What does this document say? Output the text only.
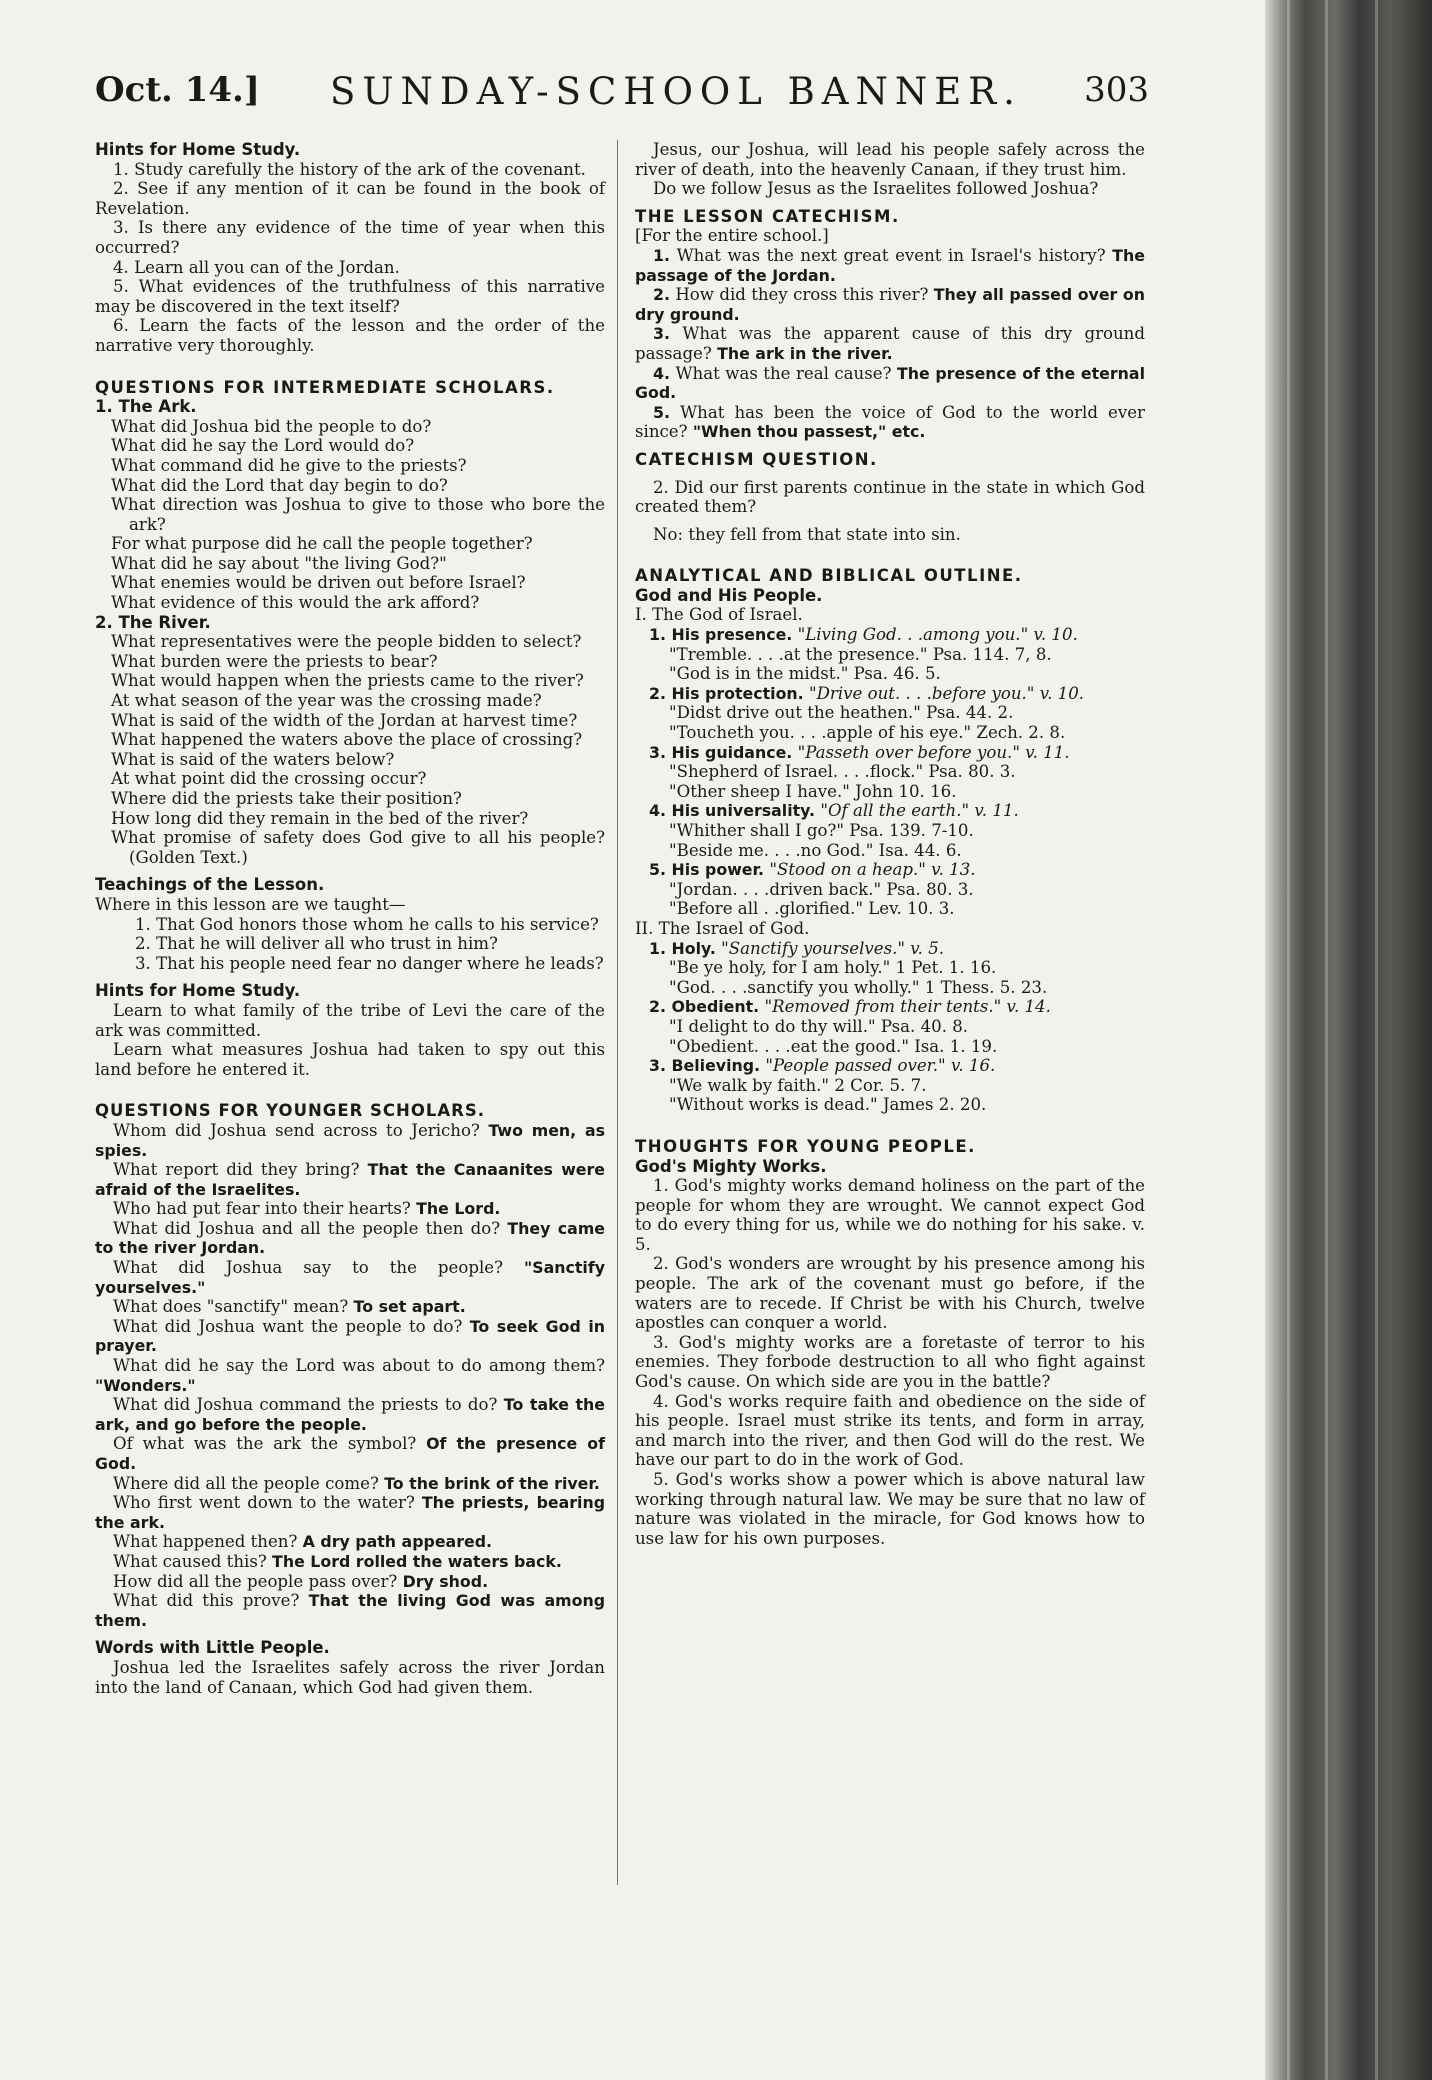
Oct. 14.] SUNDAY-SCHOOL BANNER. 303

Hints for Home Study.

1. Study carefully the history of the ark of the covenant.

2. See if any mention of it can be found in the book of Revelation.

3. Is there any evidence of the time of year when this occurred?

4. Learn all you can of the Jordan.

5. What evidences of the truthfulness of this narrative may be discovered in the text itself?

6. Learn the facts of the lesson and the order of the narrative very thoroughly.

QUESTIONS FOR INTERMEDIATE SCHOLARS.

1. The Ark.

What did Joshua bid the people to do?

What did he say the Lord would do?

What command did he give to the priests?

What did the Lord that day begin to do?

What direction was Joshua to give to those who bore the ark?

For what purpose did he call the people together?

What did he say about "the living God?"

What enemies would be driven out before Israel?

What evidence of this would the ark afford?

2. The River.

What representatives were the people bidden to select?

What burden were the priests to bear?

What would happen when the priests came to the river?

At what season of the year was the crossing made?

What is said of the width of the Jordan at harvest time?

What happened the waters above the place of crossing?

What is said of the waters below?

At what point did the crossing occur?

Where did the priests take their position?

How long did they remain in the bed of the river?

What promise of safety does God give to all his people? (Golden Text.)

Teachings of the Lesson.

Where in this lesson are we taught—

1. That God honors those whom he calls to his service?

2. That he will deliver all who trust in him?

3. That his people need fear no danger where he leads?

Hints for Home Study.

Learn to what family of the tribe of Levi the care of the ark was committed.

Learn what measures Joshua had taken to spy out this land before he entered it.

QUESTIONS FOR YOUNGER SCHOLARS.

Whom did Joshua send across to Jericho? Two men, as spies.

What report did they bring? That the Canaanites were afraid of the Israelites.

Who had put fear into their hearts? The Lord.

What did Joshua and all the people then do? They came to the river Jordan.

What did Joshua say to the people? "Sanctify yourselves."

What does "sanctify" mean? To set apart.

What did Joshua want the people to do? To seek God in prayer.

What did he say the Lord was about to do among them? "Wonders."

What did Joshua command the priests to do? To take the ark, and go before the people.

Of what was the ark the symbol? Of the presence of God.

Where did all the people come? To the brink of the river.

Who first went down to the water? The priests, bearing the ark.

What happened then? A dry path appeared.

What caused this? The Lord rolled the waters back.

How did all the people pass over? Dry shod.

What did this prove? That the living God was among them.

Words with Little People.

Joshua led the Israelites safely across the river Jordan into the land of Canaan, which God had given them.

Jesus, our Joshua, will lead his people safely across the river of death, into the heavenly Canaan, if they trust him.

Do we follow Jesus as the Israelites followed Joshua?

THE LESSON CATECHISM.

[For the entire school.]

1. What was the next great event in Israel's history? The passage of the Jordan.

2. How did they cross this river? They all passed over on dry ground.

3. What was the apparent cause of this dry ground passage? The ark in the river.

4. What was the real cause? The presence of the eternal God.

5. What has been the voice of God to the world ever since? "When thou passest," etc.

CATECHISM QUESTION.

2. Did our first parents continue in the state in which God created them?

No: they fell from that state into sin.

ANALYTICAL AND BIBLICAL OUTLINE.

God and His People.

I. The God of Israel.

1. His presence. "Living God. . .among you." v. 10.

"Tremble. . . .at the presence." Psa. 114. 7, 8.

"God is in the midst." Psa. 46. 5.

2. His protection. "Drive out. . . .before you." v. 10.

"Didst drive out the heathen." Psa. 44. 2.

"Toucheth you. . . .apple of his eye." Zech. 2. 8.

3. His guidance. "Passeth over before you." v. 11.

"Shepherd of Israel. . . .flock." Psa. 80. 3.

"Other sheep I have." John 10. 16.

4. His universality. "Of all the earth." v. 11.

"Whither shall I go?" Psa. 139. 7-10.

"Beside me. . . .no God." Isa. 44. 6.

5. His power. "Stood on a heap." v. 13.

"Jordan. . . .driven back." Psa. 80. 3.

"Before all . .glorified." Lev. 10. 3.

II. The Israel of God.

1. Holy. "Sanctify yourselves." v. 5.

"Be ye holy, for I am holy." 1 Pet. 1. 16.

"God. . . .sanctify you wholly." 1 Thess. 5. 23.

2. Obedient. "Removed from their tents." v. 14.

"I delight to do thy will." Psa. 40. 8.

"Obedient. . . .eat the good." Isa. 1. 19.

3. Believing. "People passed over." v. 16.

"We walk by faith." 2 Cor. 5. 7.

"Without works is dead." James 2. 20.

THOUGHTS FOR YOUNG PEOPLE.

God's Mighty Works.

1. God's mighty works demand holiness on the part of the people for whom they are wrought. We cannot expect God to do every thing for us, while we do nothing for his sake. v. 5.

2. God's wonders are wrought by his presence among his people. The ark of the covenant must go before, if the waters are to recede. If Christ be with his Church, twelve apostles can conquer a world.

3. God's mighty works are a foretaste of terror to his enemies. They forbode destruction to all who fight against God's cause. On which side are you in the battle?

4. God's works require faith and obedience on the side of his people. Israel must strike its tents, and form in array, and march into the river, and then God will do the rest. We have our part to do in the work of God.

5. God's works show a power which is above natural law working through natural law. We may be sure that no law of nature was violated in the miracle, for God knows how to use law for his own purposes.
